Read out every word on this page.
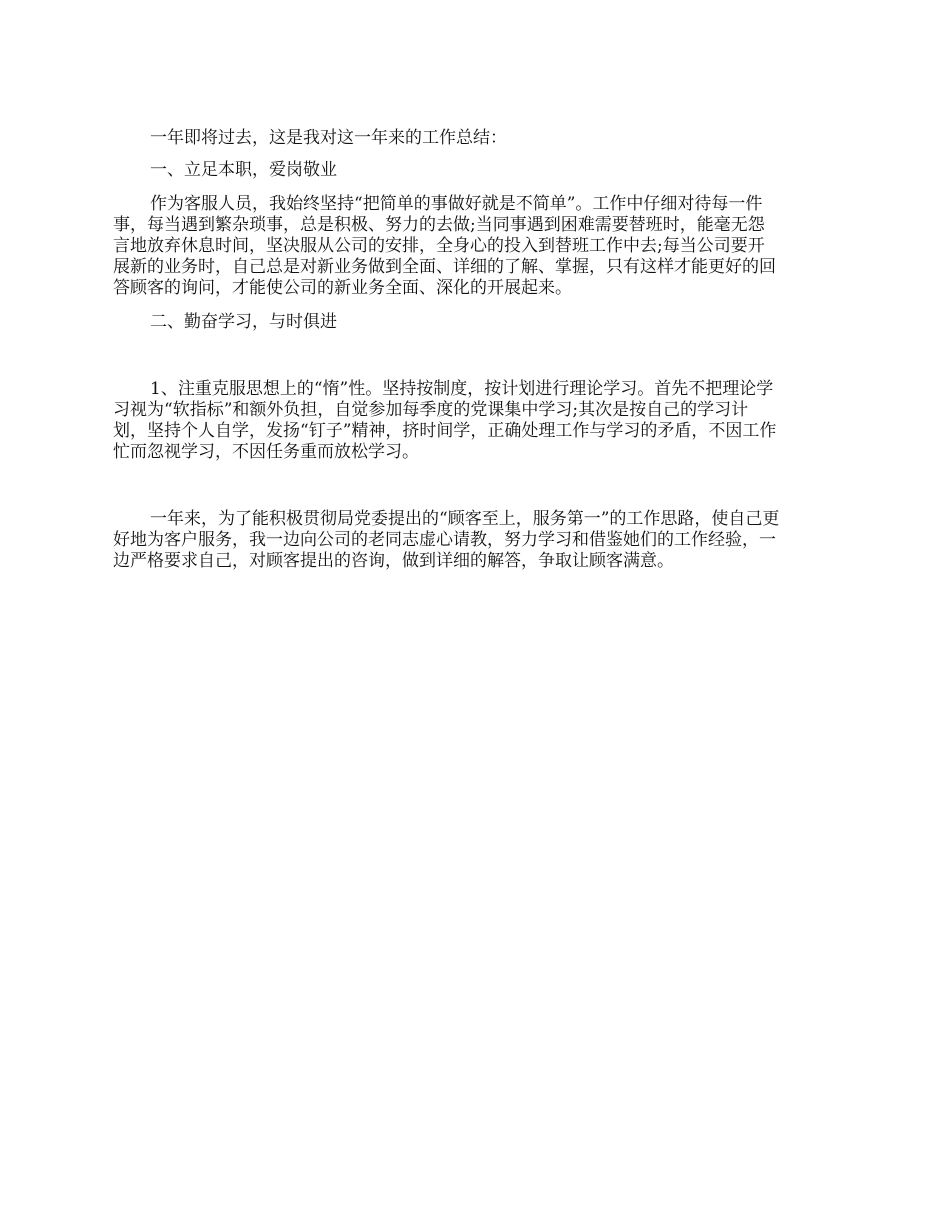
一年即将过去，这是我对这一年来的工作总结：

一、立足本职，爱岗敬业

作为客服人员，我始终坚持“把简单的事做好就是不简单”。工作中仔细对待每一件
事，每当遇到繁杂琐事，总是积极、努力的去做;当同事遇到困难需要替班时，能毫无怨
言地放弃休息时间，坚决服从公司的安排，全身心的投入到替班工作中去;每当公司要开
展新的业务时，自己总是对新业务做到全面、详细的了解、掌握，只有这样才能更好的回
答顾客的询问，才能使公司的新业务全面、深化的开展起来。

二、勤奋学习，与时俱进

1、注重克服思想上的“惰”性。坚持按制度，按计划进行理论学习。首先不把理论学
习视为“软指标”和额外负担，自觉参加每季度的党课集中学习;其次是按自己的学习计
划，坚持个人自学，发扬“钉子”精神，挤时间学，正确处理工作与学习的矛盾，不因工作
忙而忽视学习，不因任务重而放松学习。

一年来，为了能积极贯彻局党委提出的“顾客至上，服务第一”的工作思路，使自己更
好地为客户服务，我一边向公司的老同志虚心请教，努力学习和借鉴她们的工作经验，一
边严格要求自己，对顾客提出的咨询，做到详细的解答，争取让顾客满意。
